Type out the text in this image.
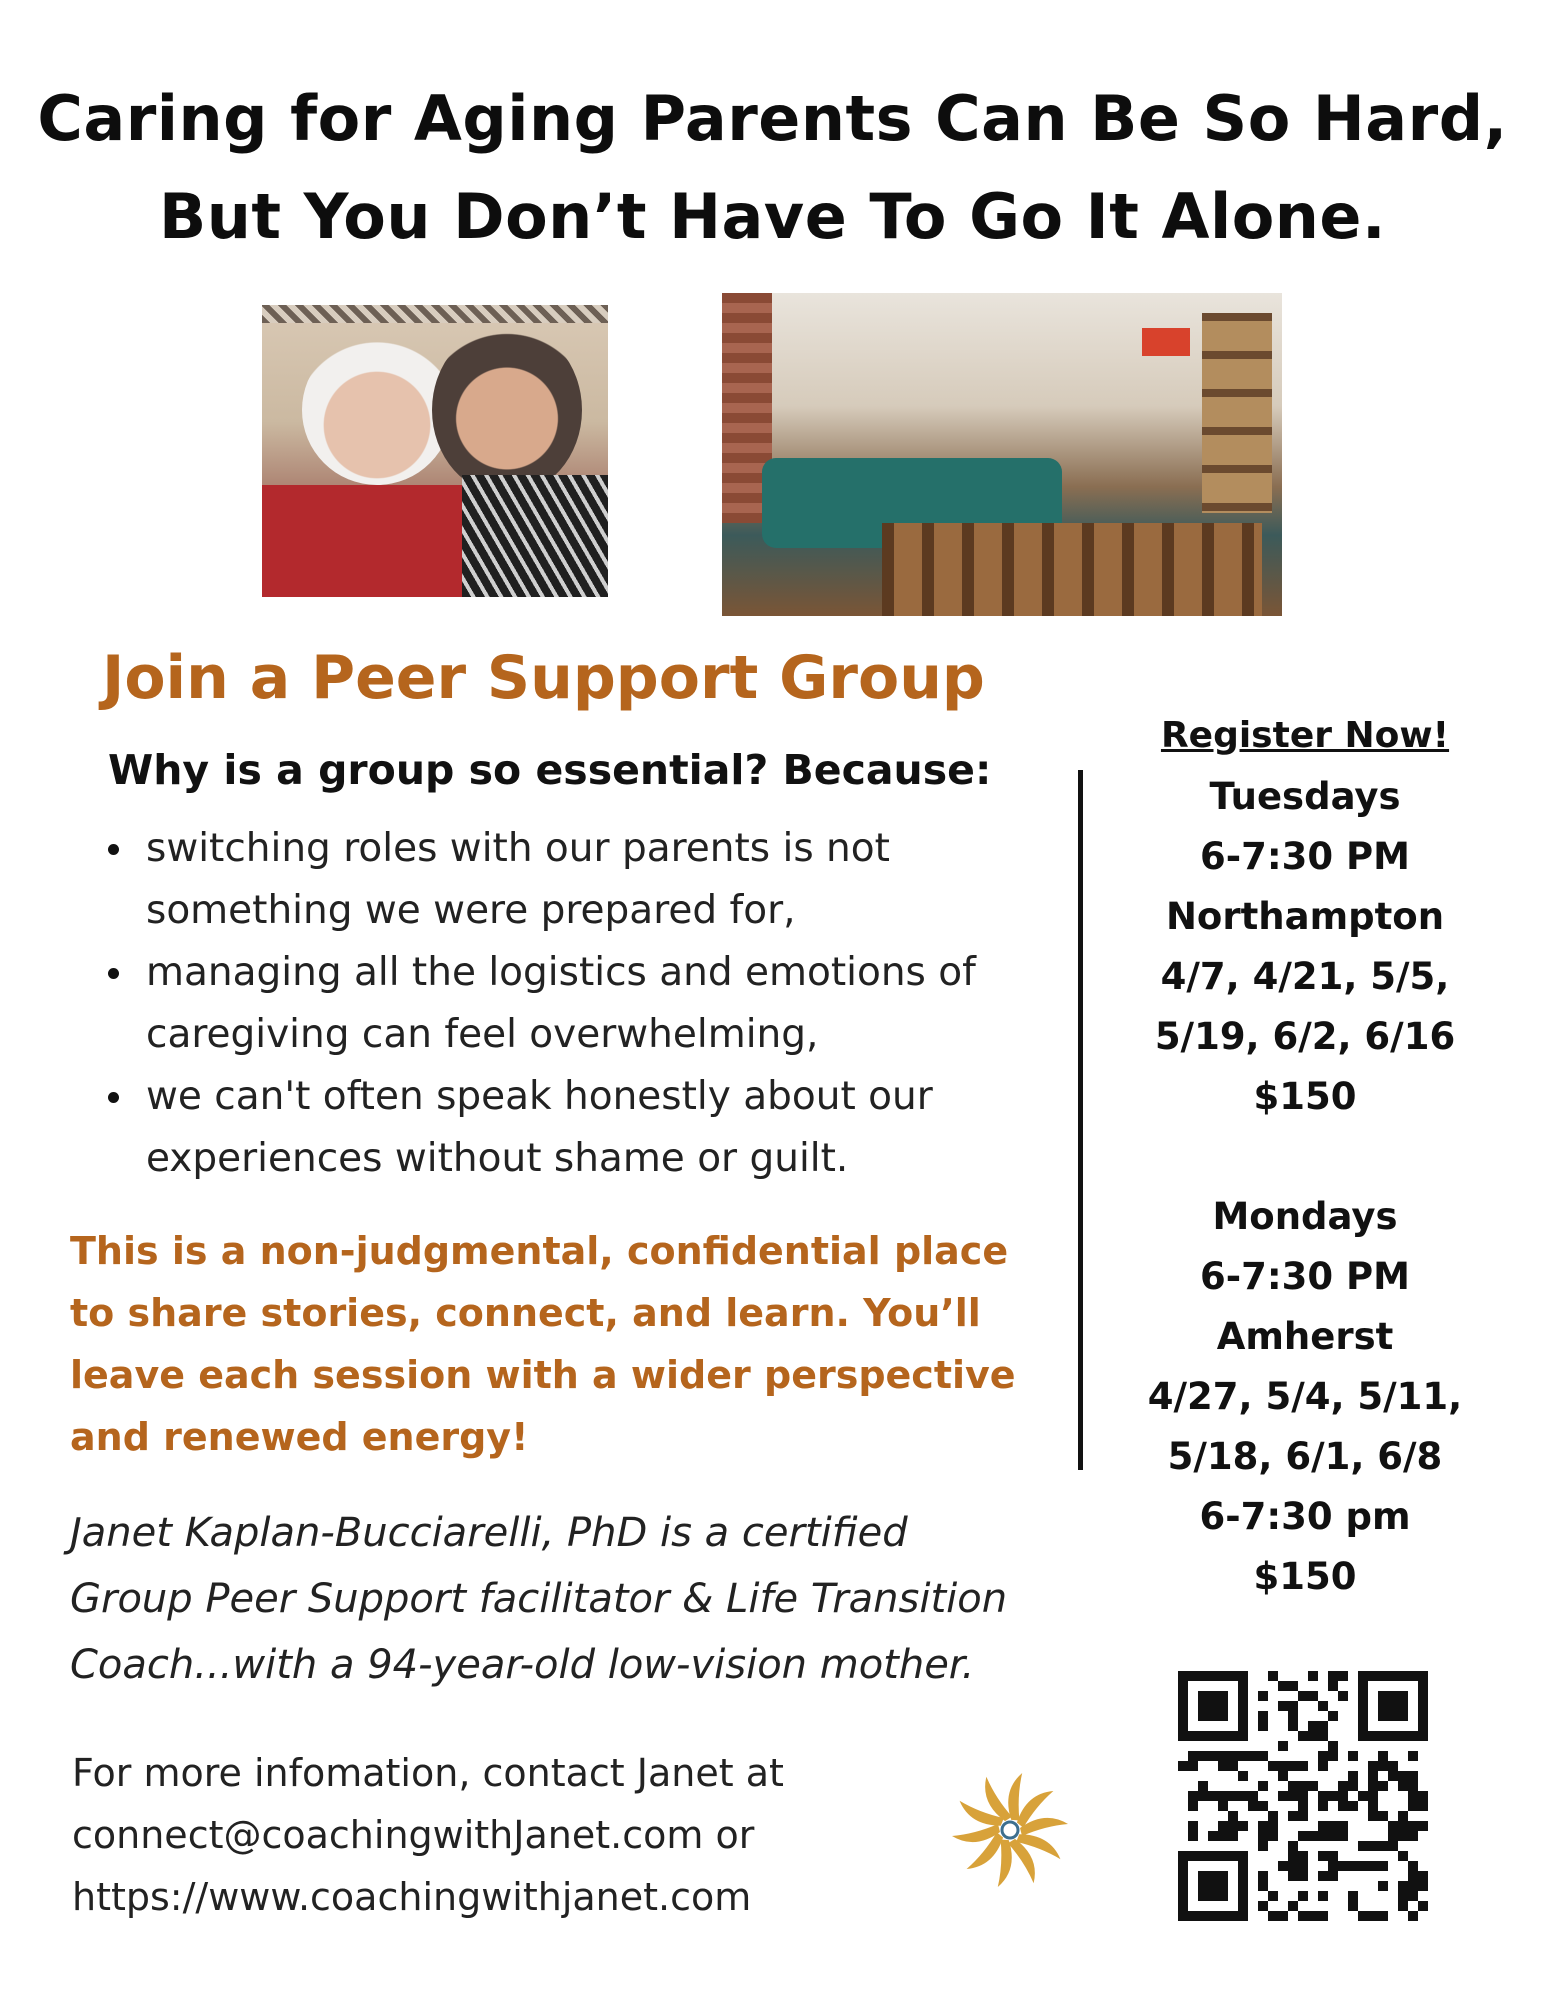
Caring for Aging Parents Can Be So Hard,
But You Don’t Have To Go It Alone.
Join a Peer Support Group
Why is a group so essential? Because:
switching roles with our parents is not something we were prepared for,
managing all the logistics and emotions of caregiving can feel overwhelming,
we can't often speak honestly about our experiences without shame or guilt.
This is a non-judgmental, confidential place to share stories, connect, and learn. You’ll leave each session with a wider perspective and renewed energy!
Janet Kaplan-Bucciarelli, PhD is a certified
Group Peer Support facilitator & Life Transition
Coach...with a 94-year-old low-vision mother.
For more infomation, contact Janet at
connect@coachingwithJanet.com or
https://www.coachingwithjanet.com
Register Now!
Tuesdays
6-7:30 PM
Northampton
4/7, 4/21, 5/5,
5/19, 6/2, 6/16
$150
Mondays
6-7:30 PM
Amherst
4/27, 5/4, 5/11,
5/18, 6/1, 6/8
6-7:30 pm
$150
